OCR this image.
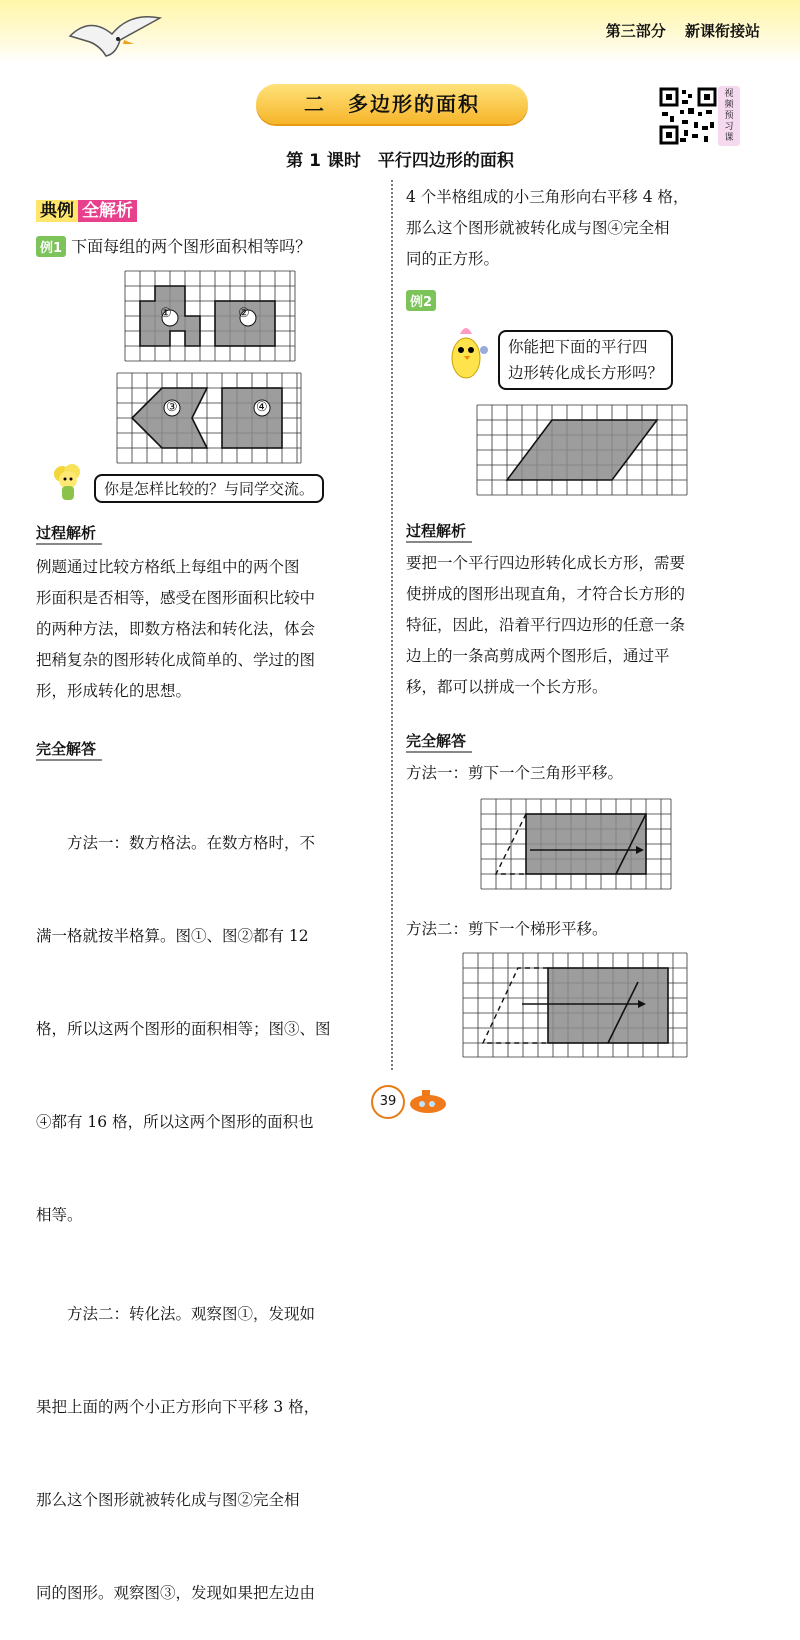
第三部分 新课衔接站
二　多边形的面积	视
频
预
习
课
第 1 课时　平行四边形的面积
典例 全解析
例1 下面每组的两个图形面积相等吗？
①	②
③	④
你是怎样比较的？与同学交流。
过程解析
例题通过比较方格纸上每组中的两个图
形面积是否相等，感受在图形面积比较中
的两种方法，即数方格法和转化法，体会
把稍复杂的图形转化成简单的、学过的图
形，形成转化的思想。
完全解答

　　方法一：数方格法。在数方格时，不

满一格就按半格算。图①、图②都有 12

格，所以这两个图形的面积相等；图③、图

④都有 16 格，所以这两个图形的面积也

相等。

　　方法二：转化法。观察图①，发现如

果把上面的两个小正方形向下平移 3 格，

那么这个图形就被转化成与图②完全相

同的图形。观察图③，发现如果把左边由

4 个半格组成的小三角形向右平移 4 格，
那么这个图形就被转化成与图④完全相
同的正方形。
例2
你能把下面的平行四
边形转化成长方形吗？
过程解析
要把一个平行四边形转化成长方形，需要
使拼成的图形出现直角，才符合长方形的
特征，因此，沿着平行四边形的任意一条
边上的一条高剪成两个图形后，通过平
移，都可以拼成一个长方形。
完全解答
方法一：剪下一个三角形平移。
方法二：剪下一个梯形平移。
39
